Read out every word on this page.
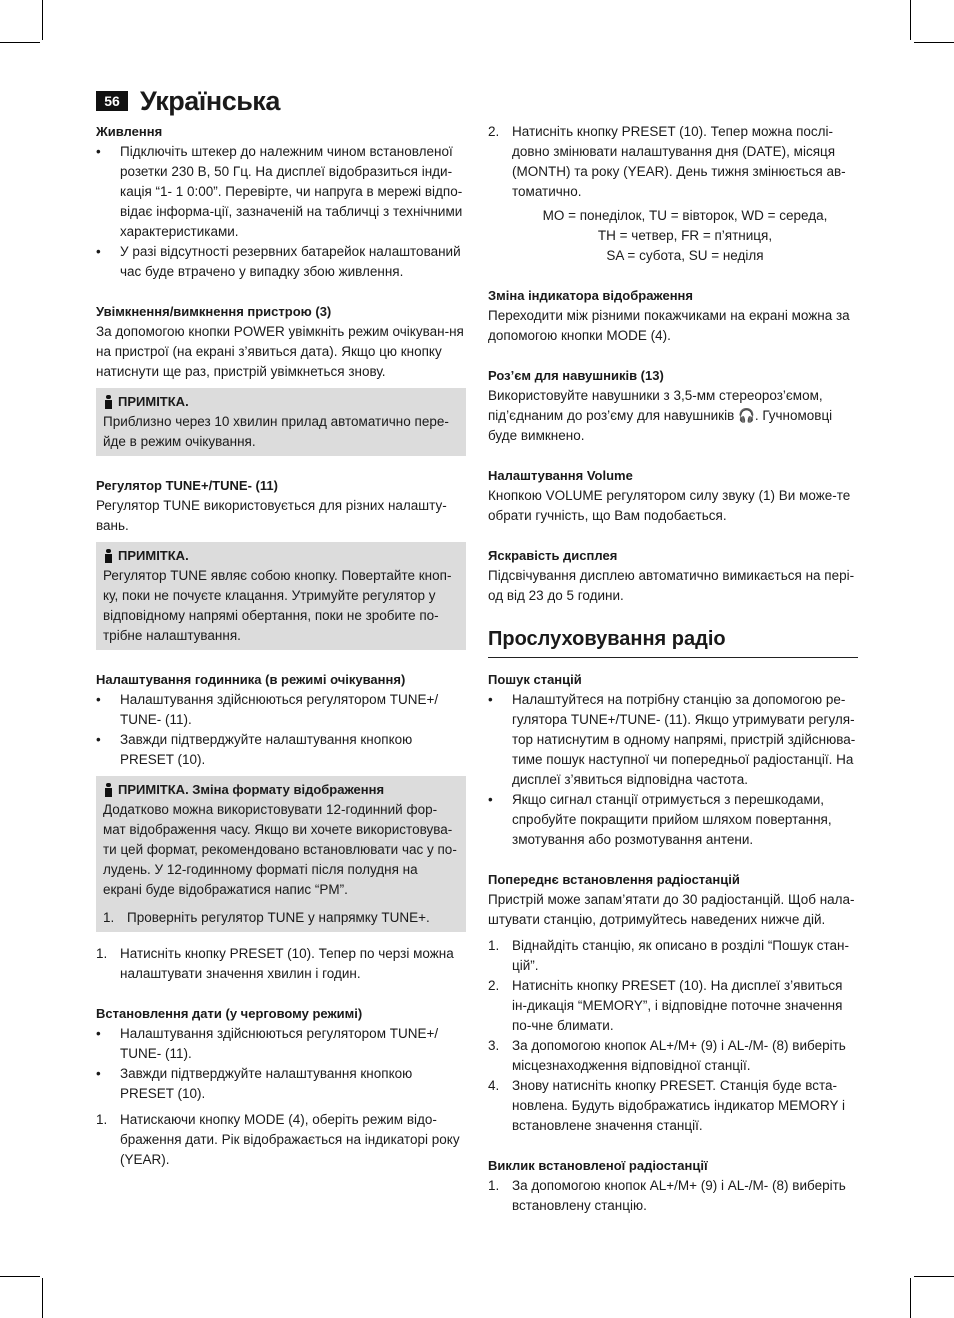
56 Українська
Живлення
• Підключіть штекер до належним чином встановленої розетки 230 В, 50 Гц. На дисплеї відобразиться інди-кація “1- 1 0:00”. Перевірте, чи напруга в мережі відпо-відає інформа-ції, зазначеній на табличці з технічними характеристиками.
• У разі відсутності резервних батарейок налаштований час буде втрачено у випадку збою живлення.
Увімкнення/вимкнення пристрою (3)

За допомогою кнопки POWER увімкніть режим очікуван-ня на пристрої (на екрані з’явиться дата). Якщо цю кнопку натиснути ще раз, пристрій увімкнеться знову.

ПРИМІТКА.

Приблизно через 10 хвилин прилад автоматично пере-йде в режим очікування.

Регулятор TUNE+/TUNE- (11)

Регулятор TUNE використовується для різних налашту-вань.

ПРИМІТКА.

Регулятор TUNE являє собою кнопку. Повертайте кноп-ку, поки не почуєте клацання. Утримуйте регулятор у відповідному напрямі обертання, поки не зробите по-трібне налаштування.

Налаштування годинника (в режимі очікування)
• Налаштування здійснюються регулятором TUNE+/ TUNE- (11).
• Завжди підтверджуйте налаштування кнопкою PRESET (10).
ПРИМІТКА. Зміна формату відображення

Додатково можна використовувати 12-годинний фор-мат відображення часу. Якщо ви хочете використовува-ти цей формат, рекомендовано встановлювати час у по-лудень. У 12-годинному форматі після полудня на екрані буде відображатися напис “PM”.

1. Проверніть регулятор TUNE у напрямку TUNE+.
1. Натисніть кнопку PRESET (10). Тепер по черзі можна налаштувати значення хвилин і годин.
Встановлення дати (у черговому режимі)
• Налаштування здійснюються регулятором TUNE+/ TUNE- (11).
• Завжди підтверджуйте налаштування кнопкою PRESET (10).
1. Натискаючи кнопку MODE (4), оберіть режим відо-браження дати. Рік відображається на індикаторі року (YEAR).
2. Натисніть кнопку PRESET (10). Тепер можна послі-довно змінювати налаштування дня (DATE), місяця (MONTH) та року (YEAR). День тижня змінюється ав-томатично.
MO = понеділок, TU = вівторок, WD = середа,
TH = четвер, FR = п’ятниця,
SA = субота, SU = неділя
Зміна індикатора відображення

Переходити між різними покажчиками на екрані можна за допомогою кнопки MODE (4).

Роз’єм для навушників (13)

Використовуйте навушники з 3,5-мм стереороз’ємом, під’єднаним до роз’єму для навушників 🎧. Гучномовці буде вимкнено.

Налаштування Volume

Кнопкою VOLUME регулятором силу звуку (1) Ви може-те обрати гучність, що Вам подобається.

Яскравість дисплея

Підсвічування дисплею автоматично вимикається на пері-од від 23 до 5 години.

Прослуховування радіо
Пошук станцій
• Налаштуйтеся на потрібну станцію за допомогою ре-гулятора TUNE+/TUNE- (11). Якщо утримувати регуля-тор натиснутим в одному напрямі, пристрій здійснюва-тиме пошук наступної чи попередньої радіостанції. На дисплеї з’явиться відповідна частота.
• Якщо сигнал станції отримується з перешкодами, спробуйте покращити прийом шляхом повертання, змотування або розмотування антени.
Попереднє встановлення радіостанцій

Пристрій може запам’ятати до 30 радіостанцій. Щоб нала-штувати станцію, дотримуйтесь наведених нижче дій.

1. Віднайдіть станцію, як описано в розділі “Пошук стан-цій”.
2. Натисніть кнопку PRESET (10). На дисплеї з’явиться ін-дикація “MEMORY”, і відповідне поточне значення по-чне блимати.
3. За допомогою кнопок AL+/M+ (9) і AL-/M- (8) виберіть місцезнаходження відповідної станції.
4. Знову натисніть кнопку PRESET. Станція буде вста-новлена. Будуть відображатись індикатор MEMORY і встановлене значення станції.
Виклик встановленої радіостанції
1. За допомогою кнопок AL+/M+ (9) і AL-/M- (8) виберіть встановлену станцію.
